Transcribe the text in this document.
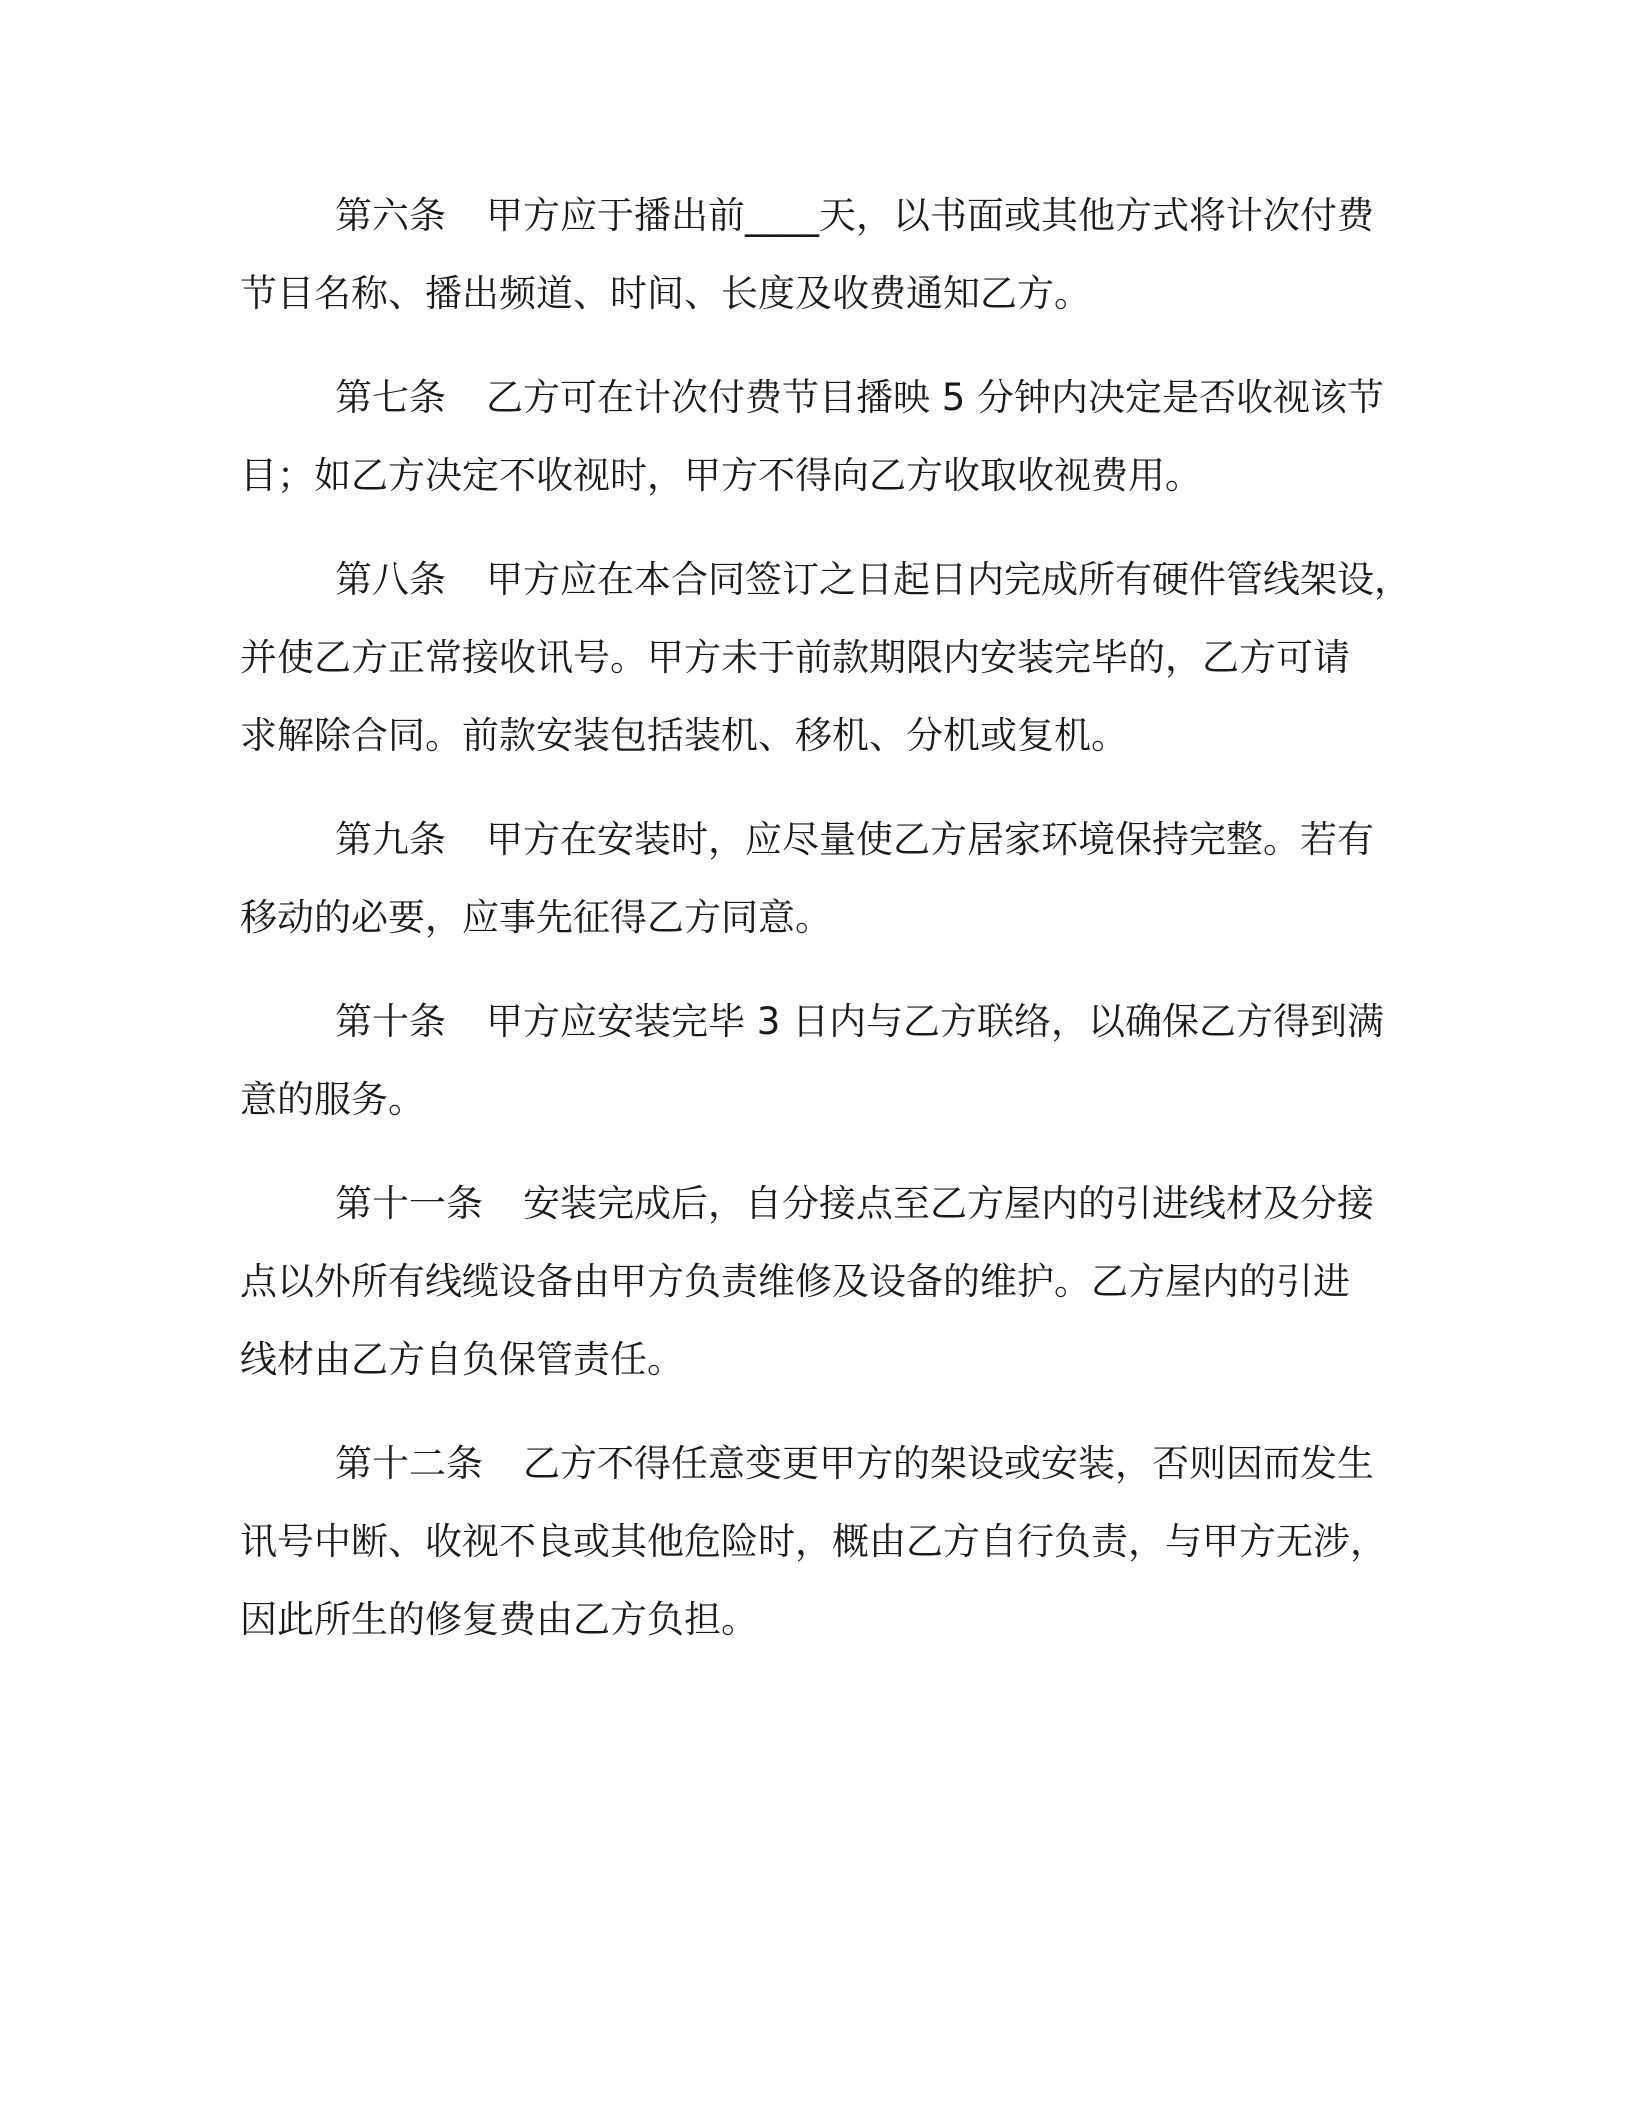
第六条 甲方应于播出前____天，以书面或其他方式将计次付费
节目名称、播出频道、时间、长度及收费通知乙方。
第七条 乙方可在计次付费节目播映 5 分钟内决定是否收视该节
目；如乙方决定不收视时，甲方不得向乙方收取收视费用。
第八条 甲方应在本合同签订之日起日内完成所有硬件管线架设，
并使乙方正常接收讯号。甲方未于前款期限内安装完毕的，乙方可请
求解除合同。前款安装包括装机、移机、分机或复机。
第九条 甲方在安装时，应尽量使乙方居家环境保持完整。若有
移动的必要，应事先征得乙方同意。
第十条 甲方应安装完毕 3 日内与乙方联络，以确保乙方得到满
意的服务。
第十一条 安装完成后，自分接点至乙方屋内的引进线材及分接
点以外所有线缆设备由甲方负责维修及设备的维护。乙方屋内的引进
线材由乙方自负保管责任。
第十二条 乙方不得任意变更甲方的架设或安装，否则因而发生
讯号中断、收视不良或其他危险时，概由乙方自行负责，与甲方无涉，
因此所生的修复费由乙方负担。
